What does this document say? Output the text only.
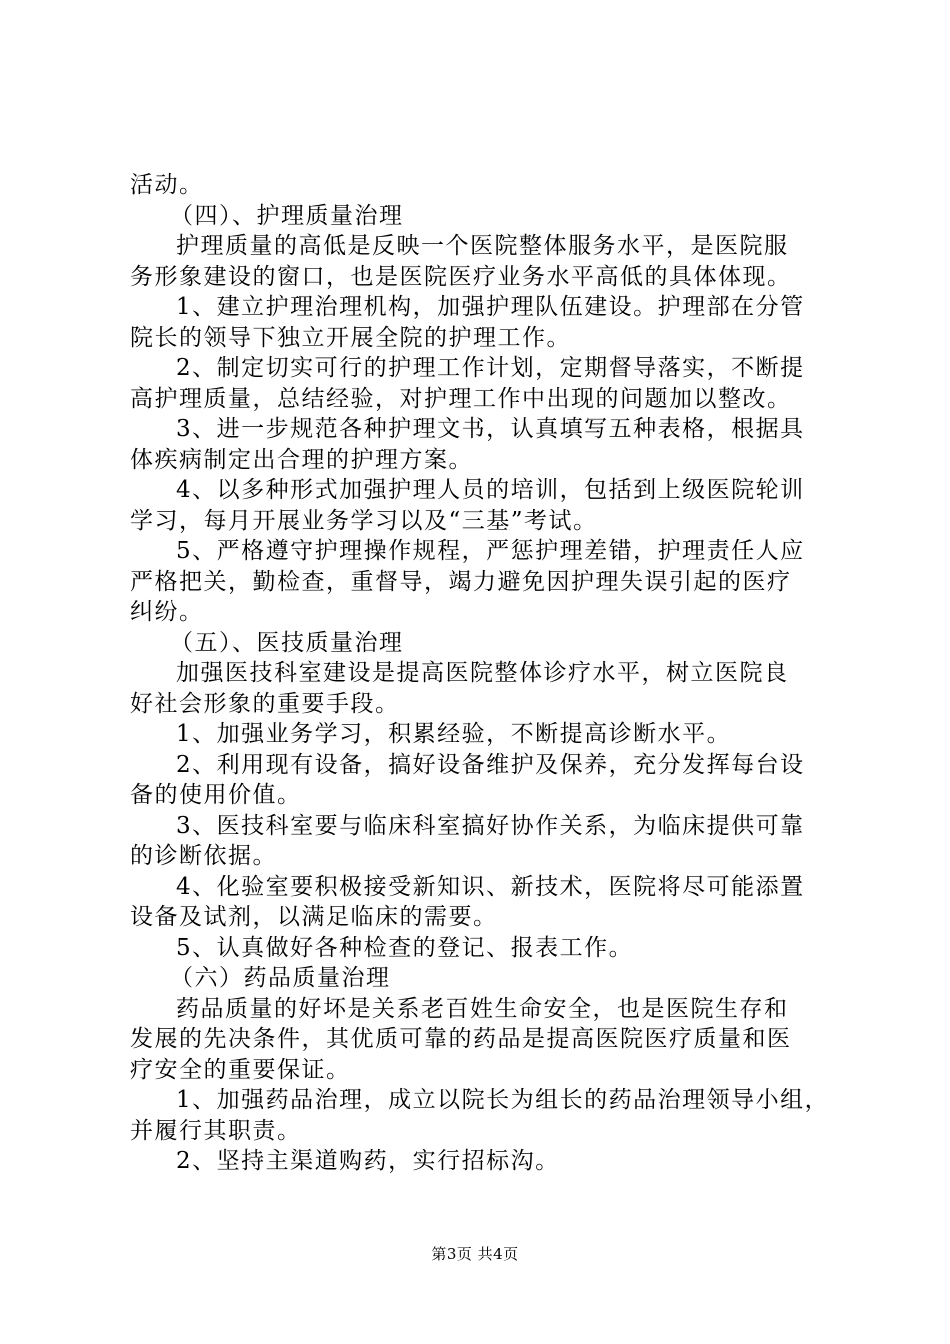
活动。
（四）、护理质量治理
护理质量的高低是反映一个医院整体服务水平，是医院服
务形象建设的窗口，也是医院医疗业务水平高低的具体体现。
1、建立护理治理机构，加强护理队伍建设。护理部在分管
院长的领导下独立开展全院的护理工作。
2、制定切实可行的护理工作计划，定期督导落实，不断提
高护理质量，总结经验，对护理工作中出现的问题加以整改。
3、进一步规范各种护理文书，认真填写五种表格，根据具
体疾病制定出合理的护理方案。
4、以多种形式加强护理人员的培训，包括到上级医院轮训
学习，每月开展业务学习以及“三基”考试。
5、严格遵守护理操作规程，严惩护理差错，护理责任人应
严格把关，勤检查，重督导，竭力避免因护理失误引起的医疗
纠纷。
（五）、医技质量治理
加强医技科室建设是提高医院整体诊疗水平，树立医院良
好社会形象的重要手段。
1、加强业务学习，积累经验，不断提高诊断水平。
2、利用现有设备，搞好设备维护及保养，充分发挥每台设
备的使用价值。
3、医技科室要与临床科室搞好协作关系，为临床提供可靠
的诊断依据。
4、化验室要积极接受新知识、新技术，医院将尽可能添置
设备及试剂，以满足临床的需要。
5、认真做好各种检查的登记、报表工作。
（六）药品质量治理
药品质量的好坏是关系老百姓生命安全，也是医院生存和
发展的先决条件，其优质可靠的药品是提高医院医疗质量和医
疗安全的重要保证。
1、加强药品治理，成立以院长为组长的药品治理领导小组，
并履行其职责。
2、坚持主渠道购药，实行招标沟。
第3页 共4页
